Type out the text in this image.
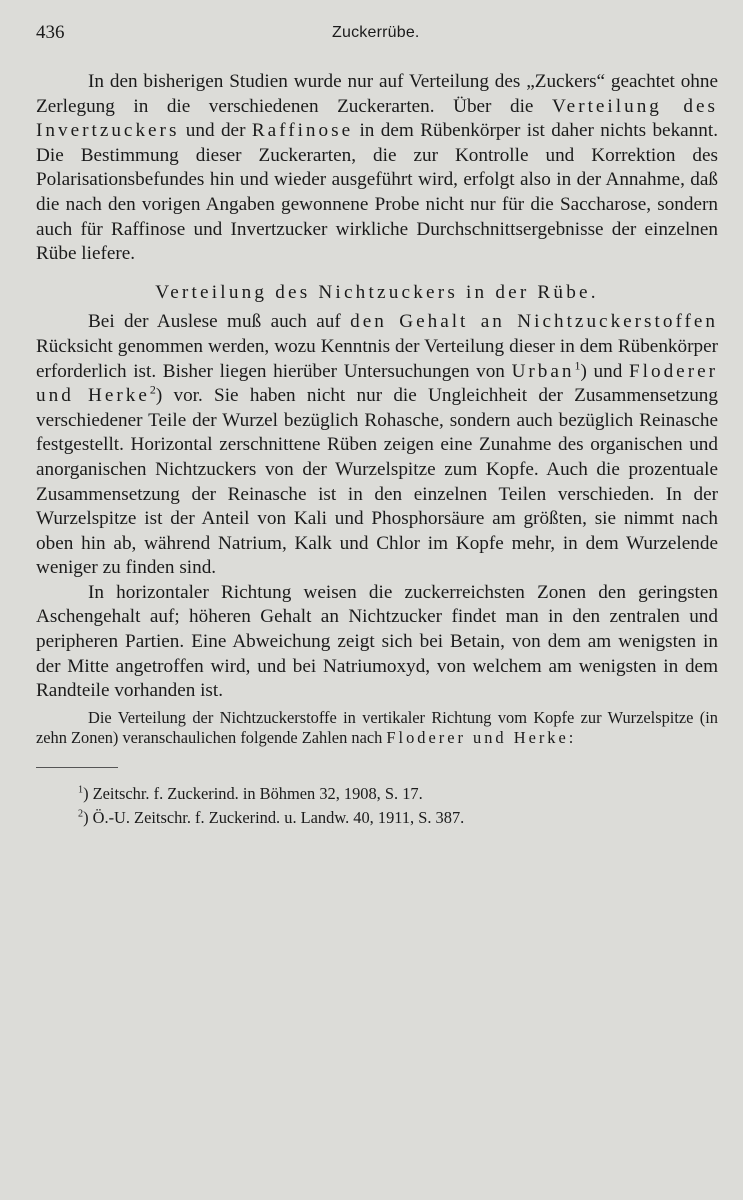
436	Zuckerrübe.

In den bisherigen Studien wurde nur auf Verteilung des „Zuckers“ geachtet ohne Zerlegung in die verschiedenen Zuckerarten. Über die Verteilung des Invertzuckers und der Raffinose in dem Rübenkörper ist daher nichts bekannt. Die Bestimmung dieser Zuckerarten, die zur Kontrolle und Korrektion des Polarisationsbefundes hin und wieder ausgeführt wird, erfolgt also in der Annahme, daß die nach den vorigen Angaben gewonnene Probe nicht nur für die Saccharose, sondern auch für Raffinose und Invertzucker wirkliche Durchschnittsergebnisse der einzelnen Rübe liefere.

Verteilung des Nichtzuckers in der Rübe.

Bei der Auslese muß auch auf den Gehalt an Nichtzuckerstoffen Rücksicht genommen werden, wozu Kenntnis der Verteilung dieser in dem Rübenkörper erforderlich ist. Bisher liegen hierüber Untersuchungen von Urban$^1$) und Floderer und Herke$^2$) vor. Sie haben nicht nur die Ungleichheit der Zusammensetzung verschiedener Teile der Wurzel bezüglich Rohasche, sondern auch bezüglich Reinasche festgestellt. Horizontal zerschnittene Rüben zeigen eine Zunahme des organischen und anorganischen Nichtzuckers von der Wurzelspitze zum Kopfe. Auch die prozentuale Zusammensetzung der Reinasche ist in den einzelnen Teilen verschieden. In der Wurzelspitze ist der Anteil von Kali und Phosphorsäure am größten, sie nimmt nach oben hin ab, während Natrium, Kalk und Chlor im Kopfe mehr, in dem Wurzelende weniger zu finden sind.

In horizontaler Richtung weisen die zuckerreichsten Zonen den geringsten Aschengehalt auf; höheren Gehalt an Nichtzucker findet man in den zentralen und peripheren Partien. Eine Abweichung zeigt sich bei Betain, von dem am wenigsten in der Mitte angetroffen wird, und bei Natriumoxyd, von welchem am wenigsten in dem Randteile vorhanden ist.

Die Verteilung der Nichtzuckerstoffe in vertikaler Richtung vom Kopfe zur Wurzelspitze (in zehn Zonen) veranschaulichen folgende Zahlen nach Floderer und Herke:

$^1$) Zeitschr. f. Zuckerind. in Böhmen 32, 1908, S. 17.
$^2$) Ö.-U. Zeitschr. f. Zuckerind. u. Landw. 40, 1911, S. 387.
